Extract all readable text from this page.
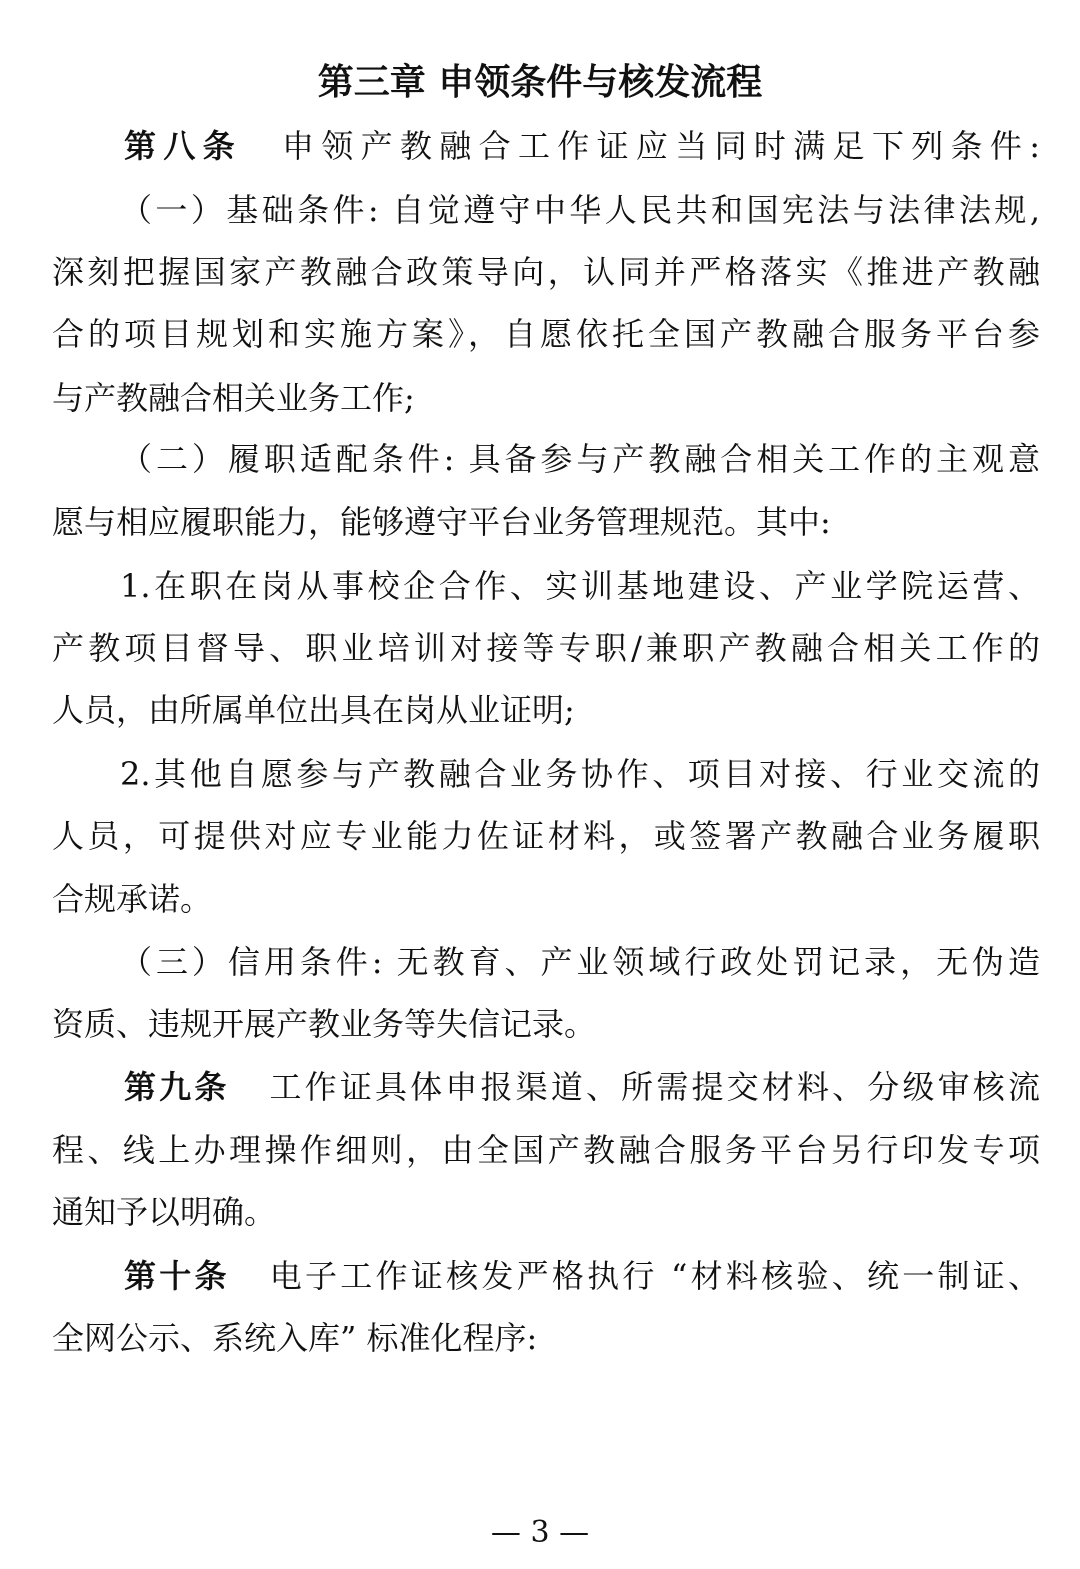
第三章 申领条件与核发流程
第八条 申领产教融合工作证应当同时满足下列条件:
（一）基础条件: 自觉遵守中华人民共和国宪法与法律法规,
深刻把握国家产教融合政策导向，认同并严格落实《推进产教融
合的项目规划和实施方案》，自愿依托全国产教融合服务平台参
与产教融合相关业务工作;
（二）履职适配条件: 具备参与产教融合相关工作的主观意
愿与相应履职能力，能够遵守平台业务管理规范。其中:
1.在职在岗从事校企合作、实训基地建设、产业学院运营、
产教项目督导、职业培训对接等专职/兼职产教融合相关工作的
人员，由所属单位出具在岗从业证明;
2.其他自愿参与产教融合业务协作、项目对接、行业交流的
人员，可提供对应专业能力佐证材料，或签署产教融合业务履职
合规承诺。
（三）信用条件: 无教育、产业领域行政处罚记录，无伪造
资质、违规开展产教业务等失信记录。
第九条 工作证具体申报渠道、所需提交材料、分级审核流
程、线上办理操作细则，由全国产教融合服务平台另行印发专项
通知予以明确。
第十条 电子工作证核发严格执行 “材料核验、统一制证、
全网公示、系统入库” 标准化程序:
— 3 —
